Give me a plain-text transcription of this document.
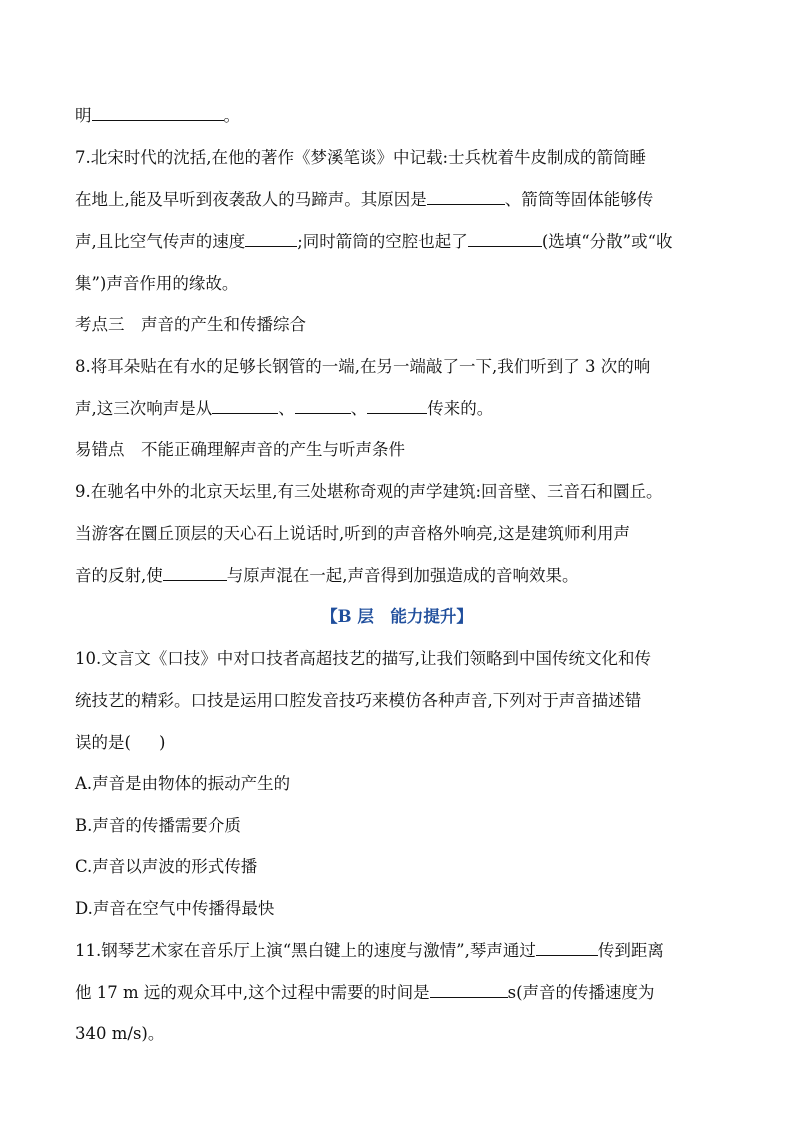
明	。
7.北宋时代的沈括,在他的著作《梦溪笔谈》中记载:士兵枕着牛皮制成的箭筒睡
在地上,能及早听到夜袭敌人的马蹄声。其原因是	、箭筒等固体能够传
声,且比空气传声的速度	;同时箭筒的空腔也起了	(选填“分散”或“收
集”)声音作用的缘故。
考点三　声音的产生和传播综合
8.将耳朵贴在有水的足够长钢管的一端,在另一端敲了一下,我们听到了 3 次的响
声,这三次响声是从	、	、	传来的。
易错点　不能正确理解声音的产生与听声条件
9.在驰名中外的北京天坛里,有三处堪称奇观的声学建筑:回音壁、三音石和圜丘。
当游客在圜丘顶层的天心石上说话时,听到的声音格外响亮,这是建筑师利用声
音的反射,使	与原声混在一起,声音得到加强造成的音响效果。
【B 层　能力提升】
10.文言文《口技》中对口技者高超技艺的描写,让我们领略到中国传统文化和传
统技艺的精彩。口技是运用口腔发音技巧来模仿各种声音,下列对于声音描述错
误的是( )
A.声音是由物体的振动产生的
B.声音的传播需要介质
C.声音以声波的形式传播
D.声音在空气中传播得最快
11.钢琴艺术家在音乐厅上演“黑白键上的速度与激情”,琴声通过	传到距离
他 17 m 远的观众耳中,这个过程中需要的时间是	s(声音的传播速度为
340 m/s)。
